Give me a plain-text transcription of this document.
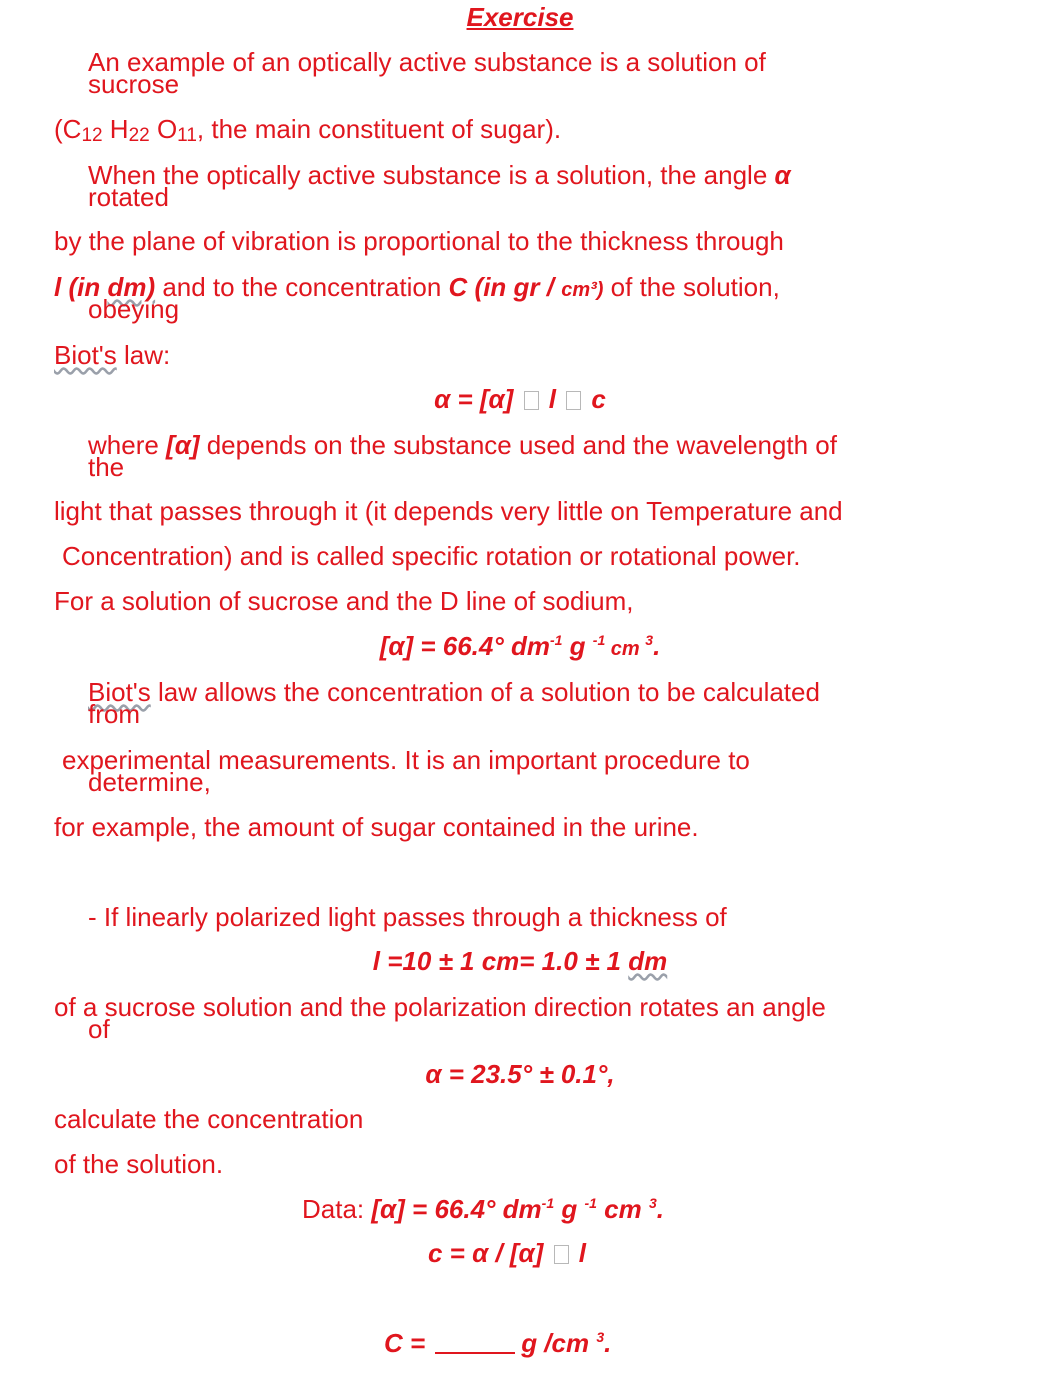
Exercise
An example of an optically active substance is a solution of
sucrose
(C12 H22 O11, the main constituent of sugar).
When the optically active substance is a solution, the angle α
rotated
by the plane of vibration is proportional to the thickness through
l (in dm) and to the concentration C (in gr / cm³) of the solution,
obeying
Biot's law:
α = [α]  l  c
where [α] depends on the substance used and the wavelength of
the
light that passes through it (it depends very little on Temperature and
Concentration) and is called specific rotation or rotational power.
For a solution of sucrose and the D line of sodium,
[α] = 66.4° $dm^{-1}$ g $^{-1}$ cm $^3$.
Biot's law allows the concentration of a solution to be calculated
from
experimental measurements. It is an important procedure to
determine,
for example, the amount of sugar contained in the urine.
- If linearly polarized light passes through a thickness of
l =10 ± 1 cm= 1.0 ± 1 dm
of a sucrose solution and the polarization direction rotates an angle
of
α = 23.5° ± 0.1°,
calculate the concentration
of the solution.
Data: [α] = 66.4° $dm^{-1}$ g $^{-1}$ cm $^3$.
c = α / [α]  l
C =	g /cm $^3$.
